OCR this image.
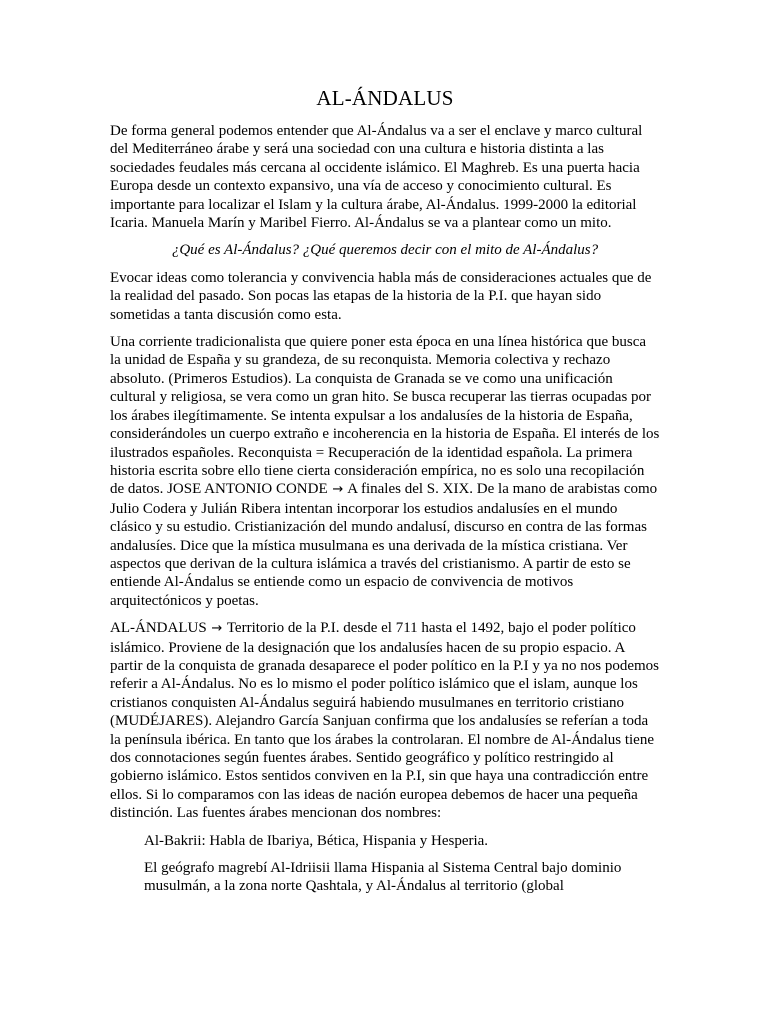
AL-ÁNDALUS

De forma general podemos entender que Al-Ándalus va a ser el enclave y marco cultural del Mediterráneo árabe y será una sociedad con una cultura e historia distinta a las sociedades feudales más cercana al occidente islámico. El Maghreb. Es una puerta hacia Europa desde un contexto expansivo, una vía de acceso y conocimiento cultural. Es importante para localizar el Islam y la cultura árabe, Al-Ándalus. 1999-2000 la editorial Icaria. Manuela Marín y Maribel Fierro. Al-Ándalus se va a plantear como un mito.

¿Qué es Al-Ándalus? ¿Qué queremos decir con el mito de Al-Ándalus?

Evocar ideas como tolerancia y convivencia habla más de consideraciones actuales que de la realidad del pasado. Son pocas las etapas de la historia de la P.I. que hayan sido sometidas a tanta discusión como esta.

Una corriente tradicionalista que quiere poner esta época en una línea histórica que busca la unidad de España y su grandeza, de su reconquista. Memoria colectiva y rechazo absoluto. (Primeros Estudios). La conquista de Granada se ve como una unificación cultural y religiosa, se vera como un gran hito. Se busca recuperar las tierras ocupadas por los árabes ilegítimamente. Se intenta expulsar a los andalusíes de la historia de España, considerándoles un cuerpo extraño e incoherencia en la historia de España. El interés de los ilustrados españoles. Reconquista = Recuperación de la identidad española. La primera historia escrita sobre ello tiene cierta consideración empírica, no es solo una recopilación de datos. JOSE ANTONIO CONDE → A finales del S. XIX. De la mano de arabistas como Julio Codera y Julián Ribera intentan incorporar los estudios andalusíes en el mundo clásico y su estudio. Cristianización del mundo andalusí, discurso en contra de las formas andalusíes. Dice que la mística musulmana es una derivada de la mística cristiana. Ver aspectos que derivan de la cultura islámica a través del cristianismo. A partir de esto se entiende Al-Ándalus se entiende como un espacio de convivencia de motivos arquitectónicos y poetas.

AL-ÁNDALUS → Territorio de la P.I. desde el 711 hasta el 1492, bajo el poder político islámico. Proviene de la designación que los andalusíes hacen de su propio espacio. A partir de la conquista de granada desaparece el poder político en la P.I y ya no nos podemos referir a Al-Ándalus. No es lo mismo el poder político islámico que el islam, aunque los cristianos conquisten Al-Ándalus seguirá habiendo musulmanes en territorio cristiano (MUDÉJARES). Alejandro García Sanjuan confirma que los andalusíes se referían a toda la península ibérica. En tanto que los árabes la controlaran. El nombre de Al-Ándalus tiene dos connotaciones según fuentes árabes. Sentido geográfico y político restringido al gobierno islámico. Estos sentidos conviven en la P.I, sin que haya una contradicción entre ellos. Si lo comparamos con las ideas de nación europea debemos de hacer una pequeña distinción. Las fuentes árabes mencionan dos nombres:

Al-Bakrii: Habla de Ibariya, Bética, Hispania y Hesperia.

El geógrafo magrebí Al-Idriisii llama Hispania al Sistema Central bajo dominio musulmán, a la zona norte Qashtala, y Al-Ándalus al territorio (global
